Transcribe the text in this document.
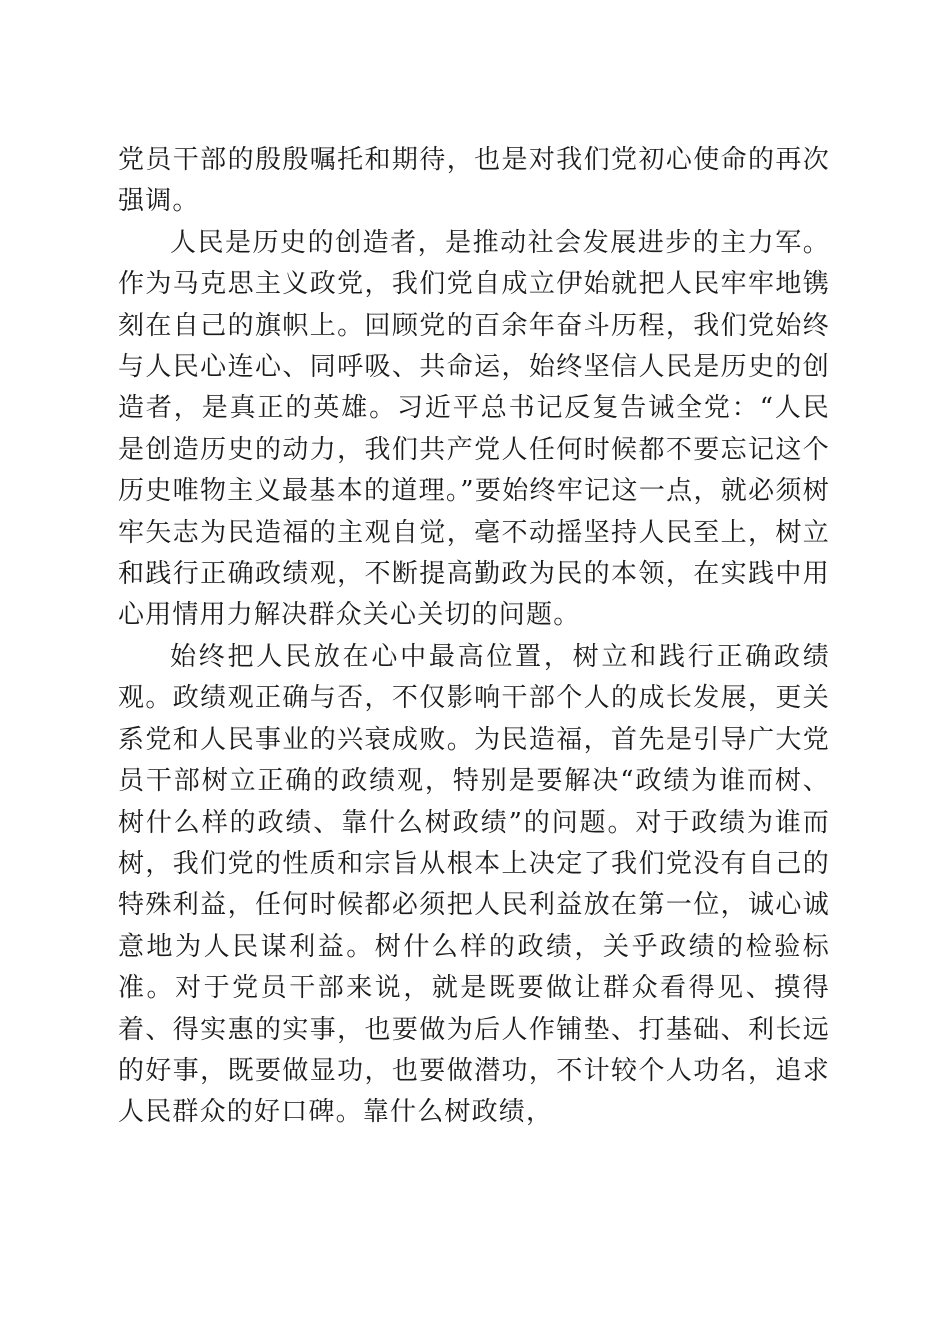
党员干部的殷殷嘱托和期待，也是对我们党初心使命的再次强调。

人民是历史的创造者，是推动社会发展进步的主力军。作为马克思主义政党，我们党自成立伊始就把人民牢牢地镌刻在自己的旗帜上。回顾党的百余年奋斗历程，我们党始终与人民心连心、同呼吸、共命运，始终坚信人民是历史的创造者，是真正的英雄。习近平总书记反复告诫全党：“人民是创造历史的动力，我们共产党人任何时候都不要忘记这个历史唯物主义最基本的道理。”要始终牢记这一点，就必须树牢矢志为民造福的主观自觉，毫不动摇坚持人民至上，树立和践行正确政绩观，不断提高勤政为民的本领，在实践中用心用情用力解决群众关心关切的问题。

始终把人民放在心中最高位置，树立和践行正确政绩观。政绩观正确与否，不仅影响干部个人的成长发展，更关系党和人民事业的兴衰成败。为民造福，首先是引导广大党员干部树立正确的政绩观，特别是要解决“政绩为谁而树、树什么样的政绩、靠什么树政绩”的问题。对于政绩为谁而树，我们党的性质和宗旨从根本上决定了我们党没有自己的特殊利益，任何时候都必须把人民利益放在第一位，诚心诚意地为人民谋利益。树什么样的政绩，关乎政绩的检验标准。对于党员干部来说，就是既要做让群众看得见、摸得着、得实惠的实事，也要做为后人作铺垫、打基础、利长远的好事，既要做显功，也要做潜功，不计较个人功名，追求人民群众的好口碑。靠什么树政绩，
